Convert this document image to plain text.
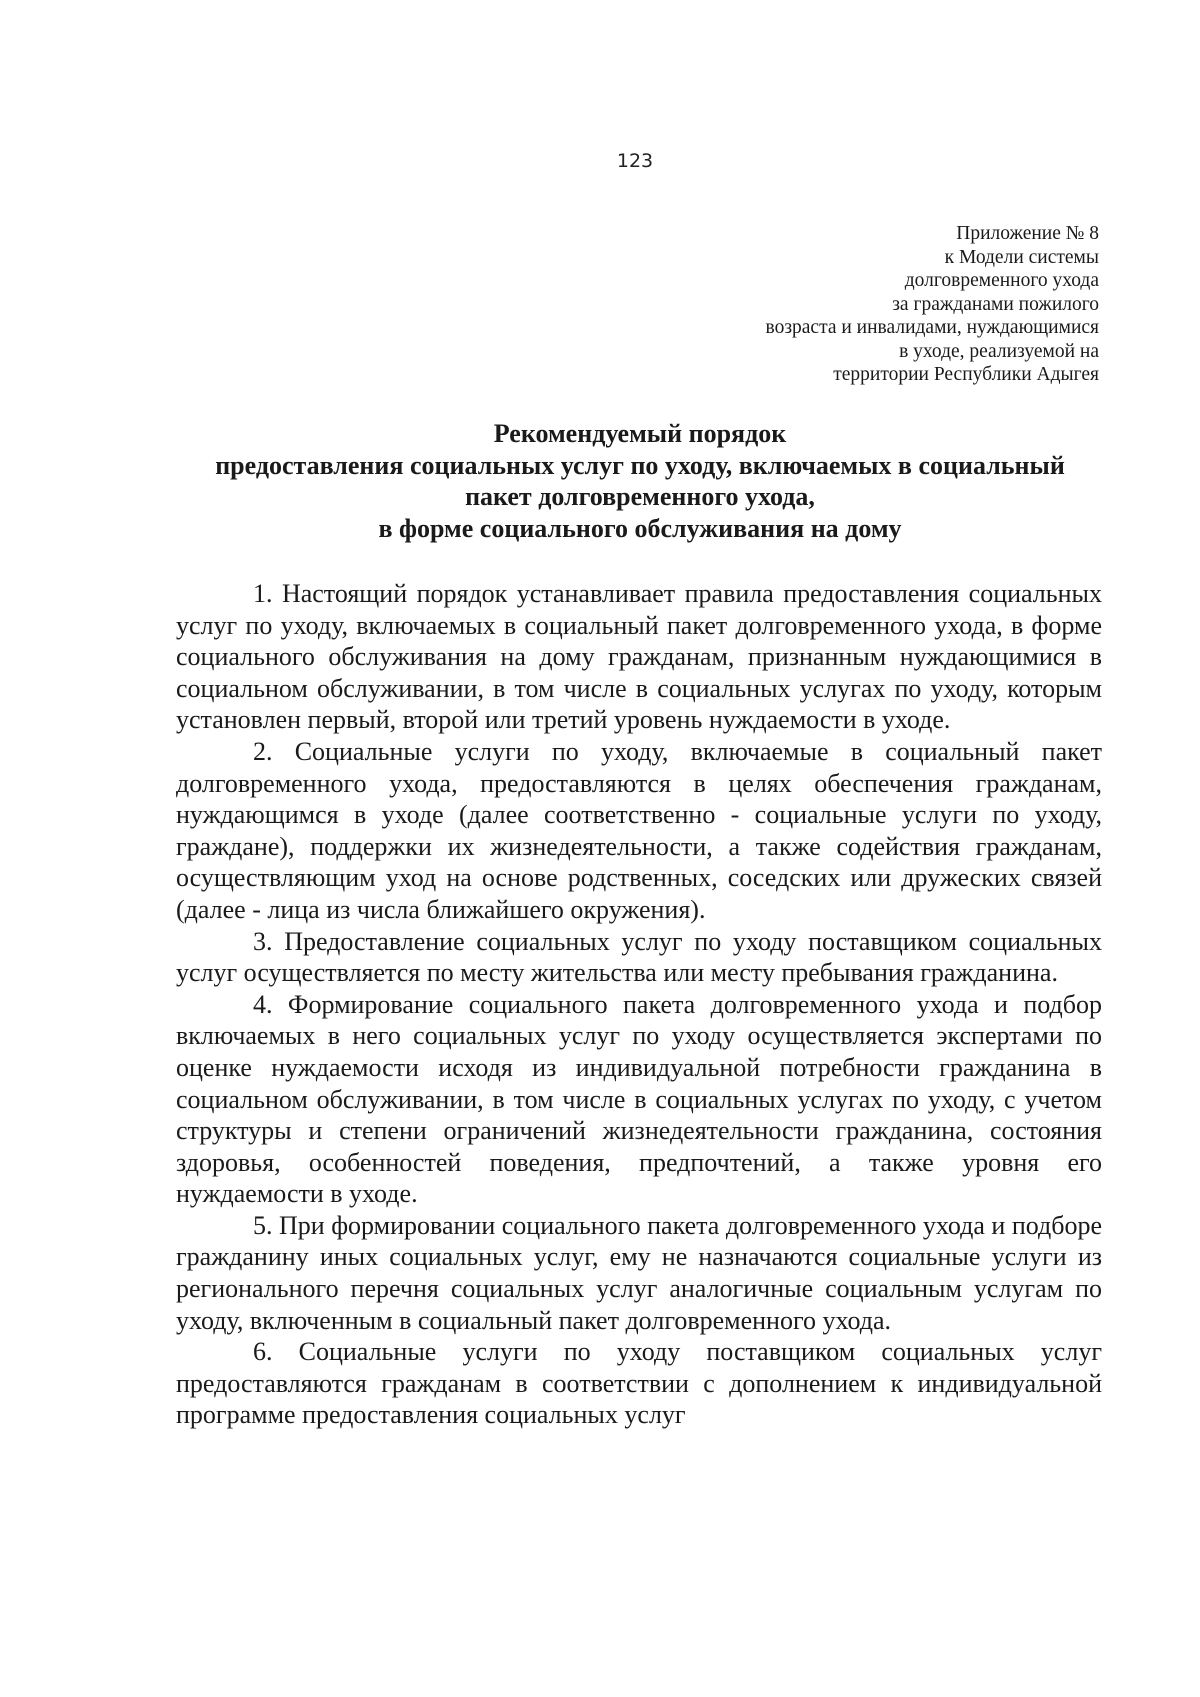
123
Приложение № 8
к Модели системы
долговременного ухода
за гражданами пожилого
возраста и инвалидами, нуждающимися
в уходе, реализуемой на
территории Республики Адыгея
Рекомендуемый порядок
предоставления социальных услуг по уходу, включаемых в социальный
пакет долговременного ухода,
в форме социального обслуживания на дому

1. Настоящий порядок устанавливает правила предоставления социальных услуг по уходу, включаемых в социальный пакет долговременного ухода, в форме социального обслуживания на дому гражданам, признанным нуждающимися в социальном обслуживании, в том числе в социальных услугах по уходу, которым установлен первый, второй или третий уровень нуждаемости в уходе.

2. Социальные услуги по уходу, включаемые в социальный пакет долговременного ухода, предоставляются в целях обеспечения гражданам, нуждающимся в уходе (далее соответственно - социальные услуги по уходу, граждане), поддержки их жизнедеятельности, а также содействия гражданам, осуществляющим уход на основе родственных, соседских или дружеских связей (далее - лица из числа ближайшего окружения).

3. Предоставление социальных услуг по уходу поставщиком социальных услуг осуществляется по месту жительства или месту пребывания гражданина.

4. Формирование социального пакета долговременного ухода и подбор включаемых в него социальных услуг по уходу осуществляется экспертами по оценке нуждаемости исходя из индивидуальной потребности гражданина в социальном обслуживании, в том числе в социальных услугах по уходу, с учетом структуры и степени ограничений жизнедеятельности гражданина, состояния здоровья, особенностей поведения, предпочтений, а также уровня его нуждаемости в уходе.

5. При формировании социального пакета долговременного ухода и подборе гражданину иных социальных услуг, ему не назначаются социальные услуги из регионального перечня социальных услуг аналогичные социальным услугам по уходу, включенным в социальный пакет долговременного ухода.

6. Социальные услуги по уходу поставщиком социальных услуг предоставляются гражданам в соответствии с дополнением к индивидуальной программе предоставления социальных услуг
